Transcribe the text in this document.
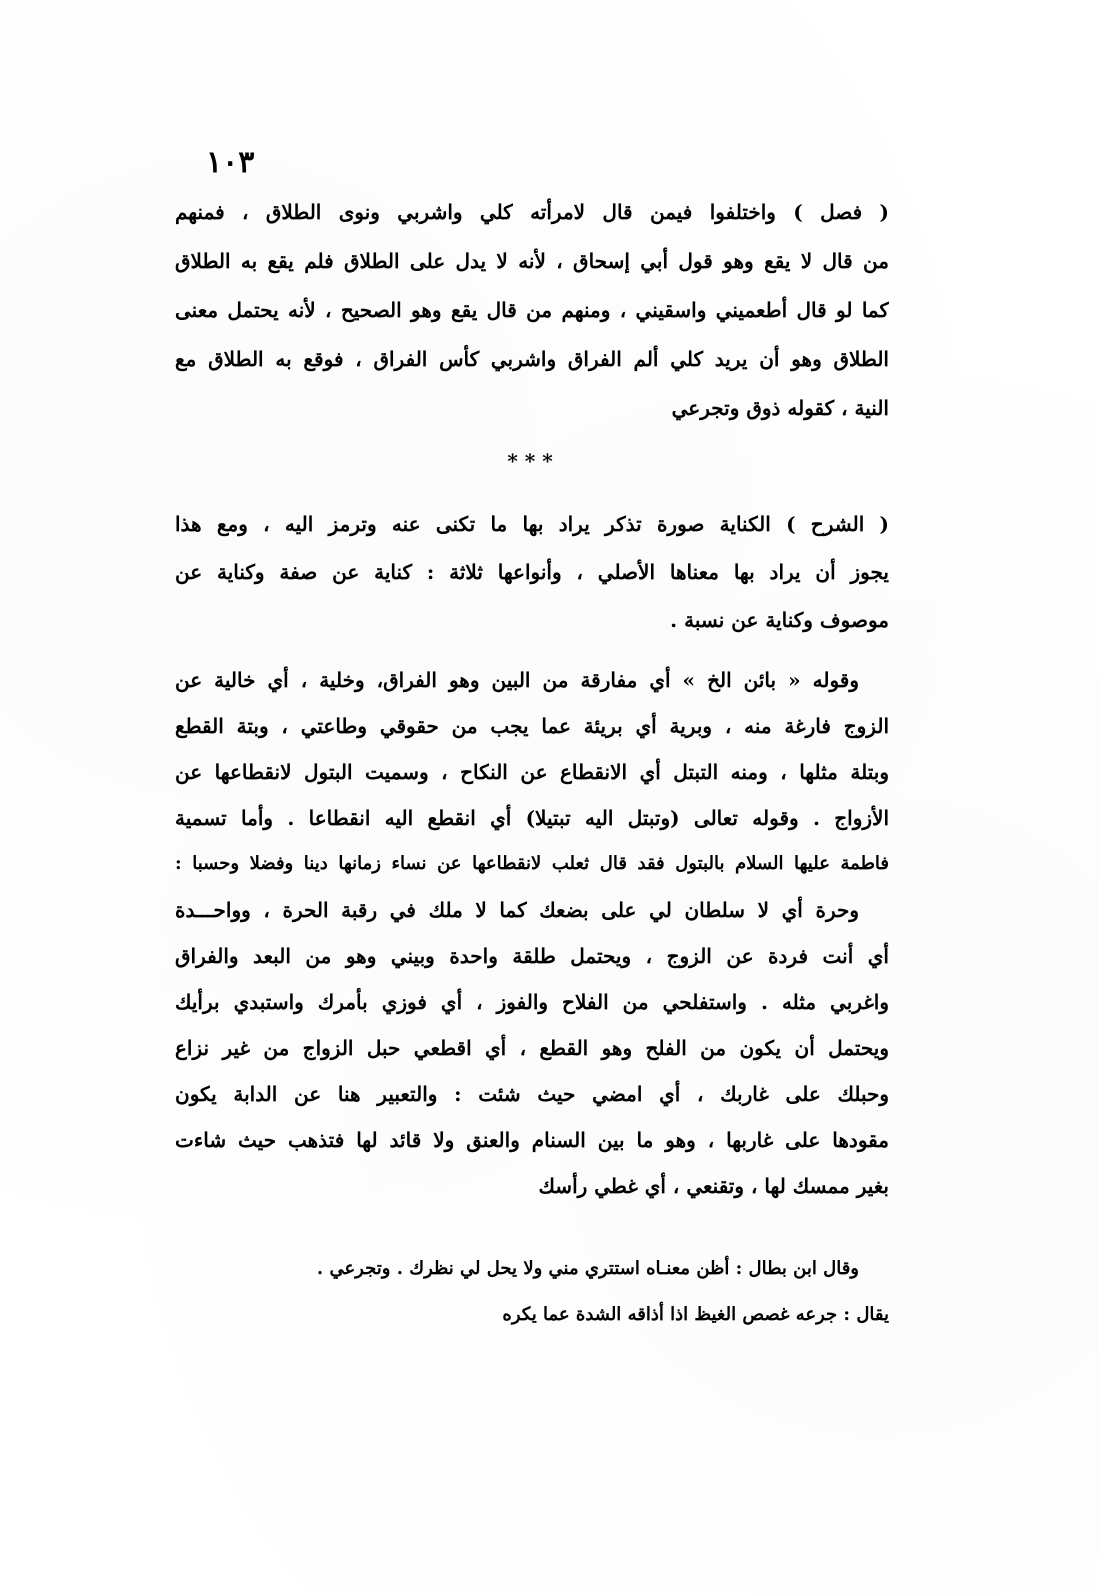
١٠٣
( فصل ) واختلفوا فيمن قال لامرأته كلي واشربي ونوى الطلاق ، فمنهم
من قال لا يقع وهو قول أبي إسحاق ، لأنه لا يدل على الطلاق فلم يقع به الطلاق
كما لو قال أطعميني واسقيني ، ومنهم من قال يقع وهو الصحيح ، لأنه يحتمل معنى
الطلاق وهو أن يريد كلي ألم الفراق واشربي كأس الفراق ، فوقع به الطلاق مع
النية ، كقوله ذوق وتجرعي
* * *
( الشرح ) الكناية صورة تذكر يراد بها ما تكنى عنه وترمز اليه ، ومع هذا
يجوز أن يراد بها معناها الأصلي ، وأنواعها ثلاثة : كناية عن صفة وكناية عن
موصوف وكناية عن نسبة .
وقوله « بائن الخ » أي مفارقة من البين وهو الفراق، وخلية ، أي خالية عن
الزوج فارغة منه ، وبرية أي بريئة عما يجب من حقوقي وطاعتي ، وبتة القطع
وبتلة مثلها ، ومنه التبتل أي الانقطاع عن النكاح ، وسميت البتول لانقطاعها عن
الأزواج . وقوله تعالى (وتبتل اليه تبتيلا) أي انقطع اليه انقطاعا . وأما تسمية
فاطمة عليها السلام بالبتول فقد قال ثعلب لانقطاعها عن نساء زمانها دينا وفضلا وحسبا :
وحرة أي لا سلطان لي على بضعك كما لا ملك في رقبة الحرة ، وواحـــدة
أي أنت فردة عن الزوج ، ويحتمل طلقة واحدة وبيني وهو من البعد والفراق
واغربي مثله . واستفلحي من الفلاح والفوز ، أي فوزي بأمرك واستبدي برأيك
ويحتمل أن يكون من الفلح وهو القطع ، أي اقطعي حبل الزواج من غير نزاع
وحبلك على غاربك ، أي امضي حيث شئت : والتعبير هنا عن الدابة يكون
مقودها على غاربها ، وهو ما بين السنام والعنق ولا قائد لها فتذهب حيث شاءت
بغير ممسك لها ، وتقنعي ، أي غطي رأسك
وقال ابن بطال : أظن معنـاه استتري مني ولا يحل لي نظرك . وتجرعي .
يقال : جرعه غصص الغيظ اذا أذاقه الشدة عما يكره
